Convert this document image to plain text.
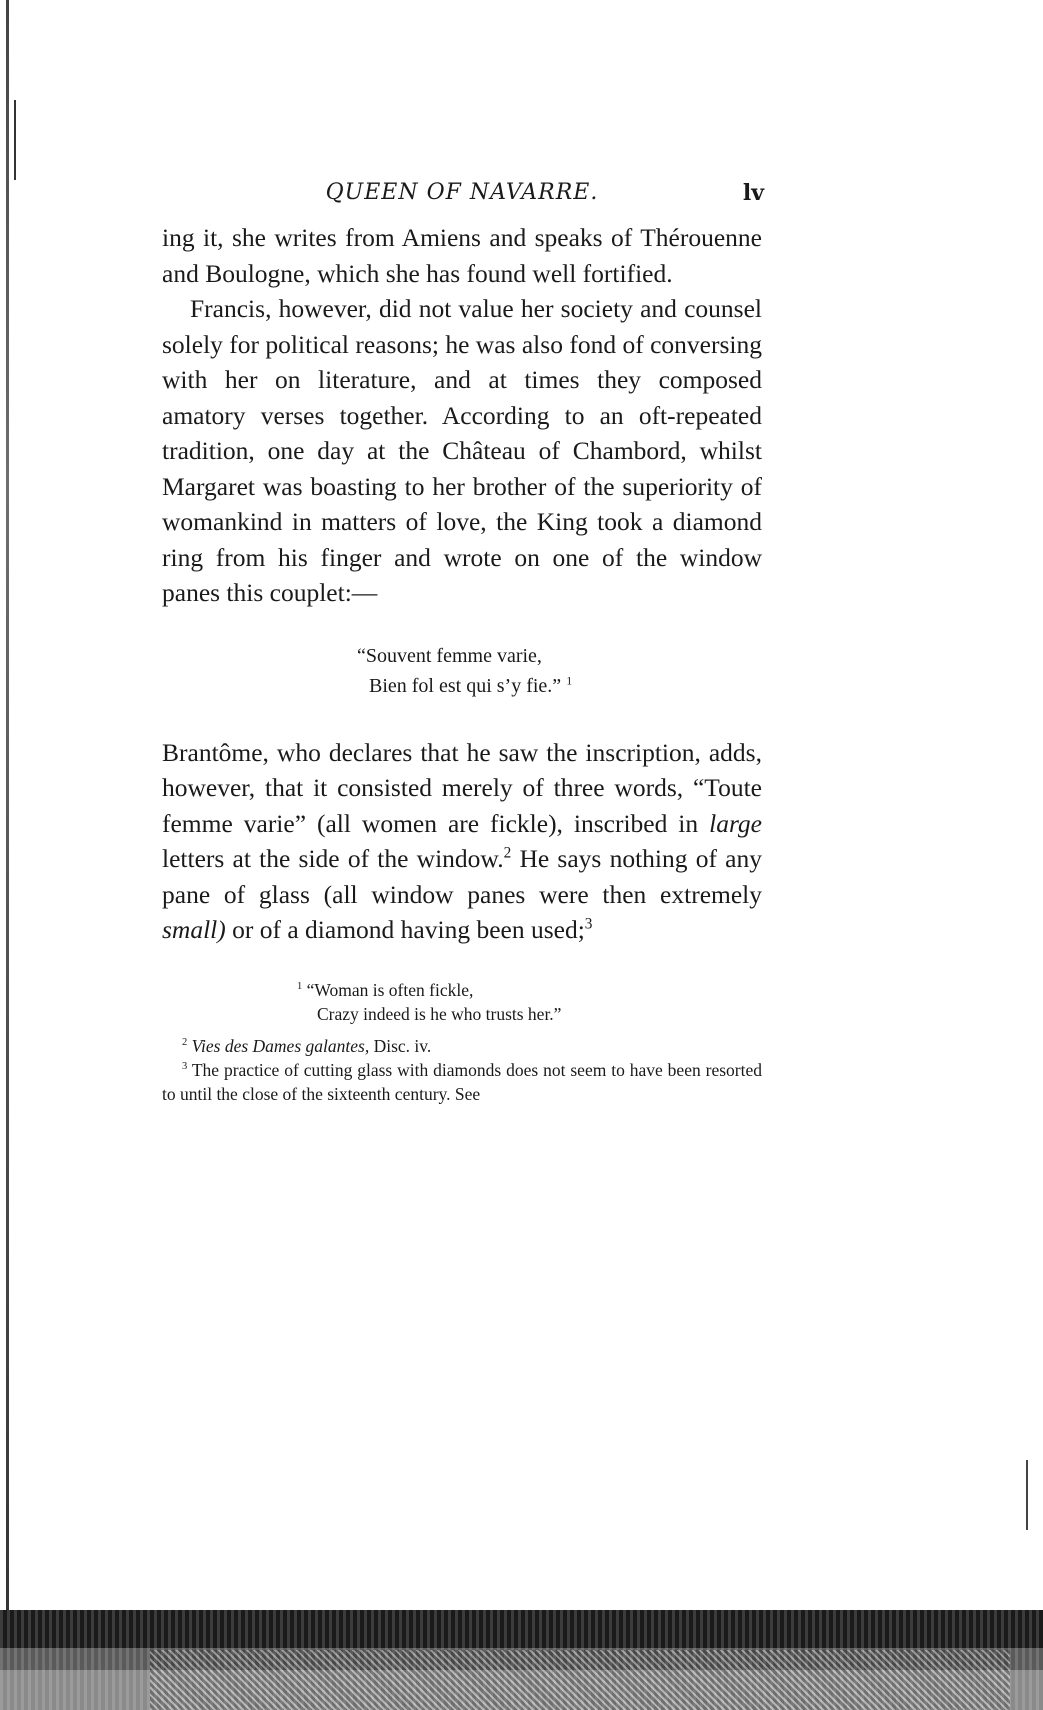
QUEEN OF NAVARRE.	lv

ing it, she writes from Amiens and speaks of Thérouenne and Boulogne, which she has found well fortified.

Francis, however, did not value her society and counsel solely for political reasons; he was also fond of conversing with her on literature, and at times they composed amatory verses together. According to an oft-repeated tradition, one day at the Château of Chambord, whilst Margaret was boasting to her brother of the superiority of womankind in matters of love, the King took a diamond ring from his finger and wrote on one of the window panes this couplet:—

“Souvent femme varie,
Bien fol est qui s’y fie.” $^1$

Brantôme, who declares that he saw the inscription, adds, however, that it consisted merely of three words, “Toute femme varie” (all women are fickle), inscribed in large letters at the side of the window.$^2$ He says nothing of any pane of glass (all window panes were then extremely small) or of a diamond having been used;$^3$

$^1$ “Woman is often fickle,
Crazy indeed is he who trusts her.”

$^2$ Vies des Dames galantes, Disc. iv.

$^3$ The practice of cutting glass with diamonds does not seem to have been resorted to until the close of the sixteenth century. See
